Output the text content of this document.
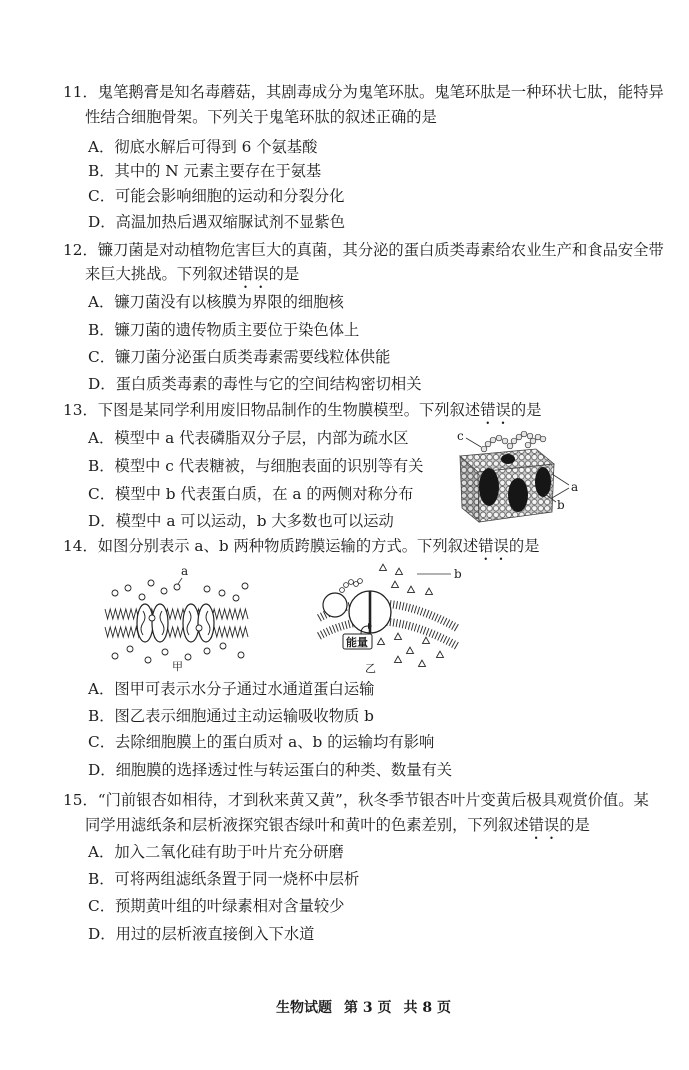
11．鬼笔鹅膏是知名毒蘑菇，其剧毒成分为鬼笔环肽。鬼笔环肽是一种环状七肽，能特异
性结合细胞骨架。下列关于鬼笔环肽的叙述正确的是
A．彻底水解后可得到 6 个氨基酸
B．其中的 N 元素主要存在于氨基
C．可能会影响细胞的运动和分裂分化
D．高温加热后遇双缩脲试剂不显紫色
12．镰刀菌是对动植物危害巨大的真菌，其分泌的蛋白质类毒素给农业生产和食品安全带
来巨大挑战。下列叙述错误的是
A．镰刀菌没有以核膜为界限的细胞核
B．镰刀菌的遗传物质主要位于染色体上
C．镰刀菌分泌蛋白质类毒素需要线粒体供能
D．蛋白质类毒素的毒性与它的空间结构密切相关
13．下图是某同学利用废旧物品制作的生物膜模型。下列叙述错误的是
A．模型中 a 代表磷脂双分子层，内部为疏水区
B．模型中 c 代表糖被，与细胞表面的识别等有关
C．模型中 b 代表蛋白质，在 a 的两侧对称分布
D．模型中 a 可以运动，b 大多数也可以运动
c
a
b
14．如图分别表示 a、b 两种物质跨膜运输的方式。下列叙述错误的是
a
甲
能量
b
乙
A．图甲可表示水分子通过水通道蛋白运输
B．图乙表示细胞通过主动运输吸收物质 b
C．去除细胞膜上的蛋白质对 a、b 的运输均有影响
D．细胞膜的选择透过性与转运蛋白的种类、数量有关
15．“门前银杏如相待，才到秋来黄又黄”，秋冬季节银杏叶片变黄后极具观赏价值。某
同学用滤纸条和层析液探究银杏绿叶和黄叶的色素差别，下列叙述错误的是
A．加入二氧化硅有助于叶片充分研磨
B．可将两组滤纸条置于同一烧杯中层析
C．预期黄叶组的叶绿素相对含量较少
D．用过的层析液直接倒入下水道
生物试题 第 3 页 共 8 页
